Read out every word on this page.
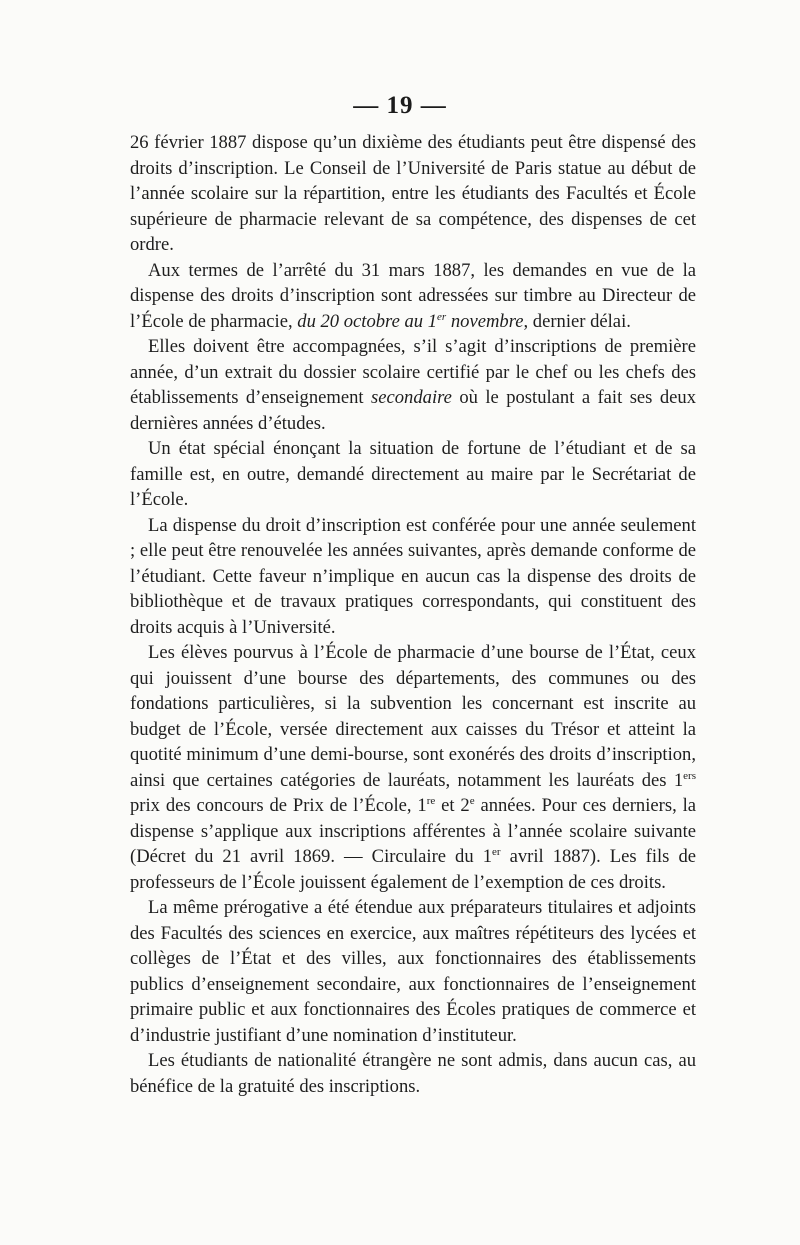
— 19 —

26 février 1887 dispose qu’un dixième des étudiants peut être dispensé des droits d’inscription. Le Conseil de l’Université de Paris statue au début de l’année scolaire sur la répartition, entre les étudiants des Facultés et École supérieure de pharmacie relevant de sa compétence, des dispenses de cet ordre.

Aux termes de l’arrêté du 31 mars 1887, les demandes en vue de la dispense des droits d’inscription sont adressées sur timbre au Directeur de l’École de pharmacie, du 20 octobre au 1er novembre, dernier délai.

Elles doivent être accompagnées, s’il s’agit d’inscriptions de première année, d’un extrait du dossier scolaire certifié par le chef ou les chefs des établissements d’enseignement secondaire où le postulant a fait ses deux dernières années d’études.

Un état spécial énonçant la situation de fortune de l’étudiant et de sa famille est, en outre, demandé directement au maire par le Secrétariat de l’École.

La dispense du droit d’inscription est conférée pour une année seulement ; elle peut être renouvelée les années suivantes, après demande conforme de l’étudiant. Cette faveur n’implique en aucun cas la dispense des droits de bibliothèque et de travaux pratiques correspondants, qui constituent des droits acquis à l’Université.

Les élèves pourvus à l’École de pharmacie d’une bourse de l’État, ceux qui jouissent d’une bourse des départements, des communes ou des fondations particulières, si la subvention les concernant est inscrite au budget de l’École, versée directement aux caisses du Trésor et atteint la quotité minimum d’une demi-bourse, sont exonérés des droits d’inscription, ainsi que certaines catégories de lauréats, notamment les lauréats des 1ers prix des concours de Prix de l’École, 1re et 2e années. Pour ces derniers, la dispense s’applique aux inscriptions afférentes à l’année scolaire suivante (Décret du 21 avril 1869. — Circulaire du 1er avril 1887). Les fils de professeurs de l’École jouissent également de l’exemption de ces droits.

La même prérogative a été étendue aux préparateurs titulaires et adjoints des Facultés des sciences en exercice, aux maîtres répétiteurs des lycées et collèges de l’État et des villes, aux fonctionnaires des établissements publics d’enseignement secondaire, aux fonctionnaires de l’enseignement primaire public et aux fonctionnaires des Écoles pratiques de commerce et d’industrie justifiant d’une nomination d’instituteur.

Les étudiants de nationalité étrangère ne sont admis, dans aucun cas, au bénéfice de la gratuité des inscriptions.
